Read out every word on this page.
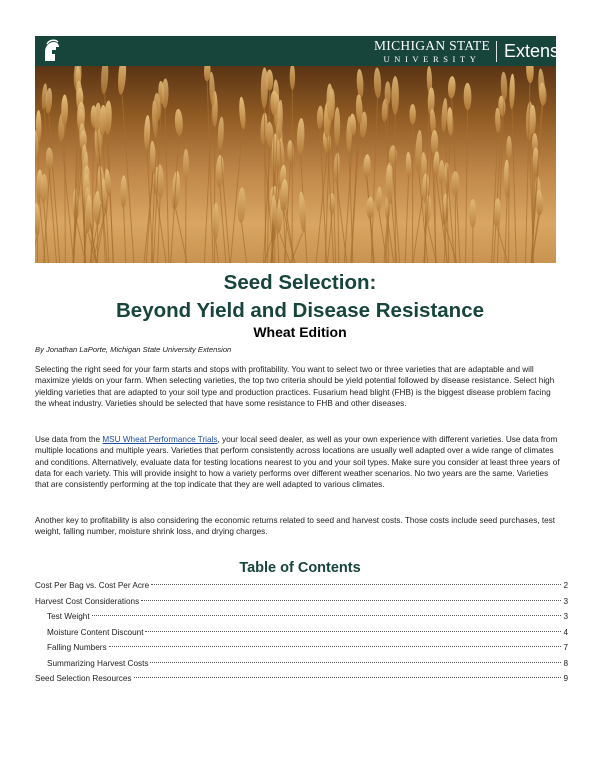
MICHIGAN STATE
UNIVERSITY	Extension
Seed Selection:
Beyond Yield and Disease Resistance
Wheat Edition
By Jonathan LaPorte, Michigan State University Extension

Selecting the right seed for your farm starts and stops with profitability. You want to select two or three varieties that are adaptable and will maximize yields on your farm. When selecting varieties, the top two criteria should be yield potential followed by disease resistance. Select high yielding varieties that are adapted to your soil type and production practices. Fusarium head blight (FHB) is the biggest disease problem facing the wheat industry. Varieties should be selected that have some resistance to FHB and other diseases.

Use data from the MSU Wheat Performance Trials, your local seed dealer, as well as your own experience with different varieties. Use data from multiple locations and multiple years. Varieties that perform consistently across locations are usually well adapted over a wide range of climates and conditions. Alternatively, evaluate data for testing locations nearest to you and your soil types. Make sure you consider at least three years of data for each variety. This will provide insight to how a variety performs over different weather scenarios. No two years are the same. Varieties that are consistently performing at the top indicate that they are well adapted to various climates.

Another key to profitability is also considering the economic returns related to seed and harvest costs. Those costs include seed purchases, test weight, falling number, moisture shrink loss, and drying charges.

Table of Contents
Cost Per Bag vs. Cost Per Acre	2
Harvest Cost Considerations	3
Test Weight	3
Moisture Content Discount	4
Falling Numbers	7
Summarizing Harvest Costs	8
Seed Selection Resources	9
